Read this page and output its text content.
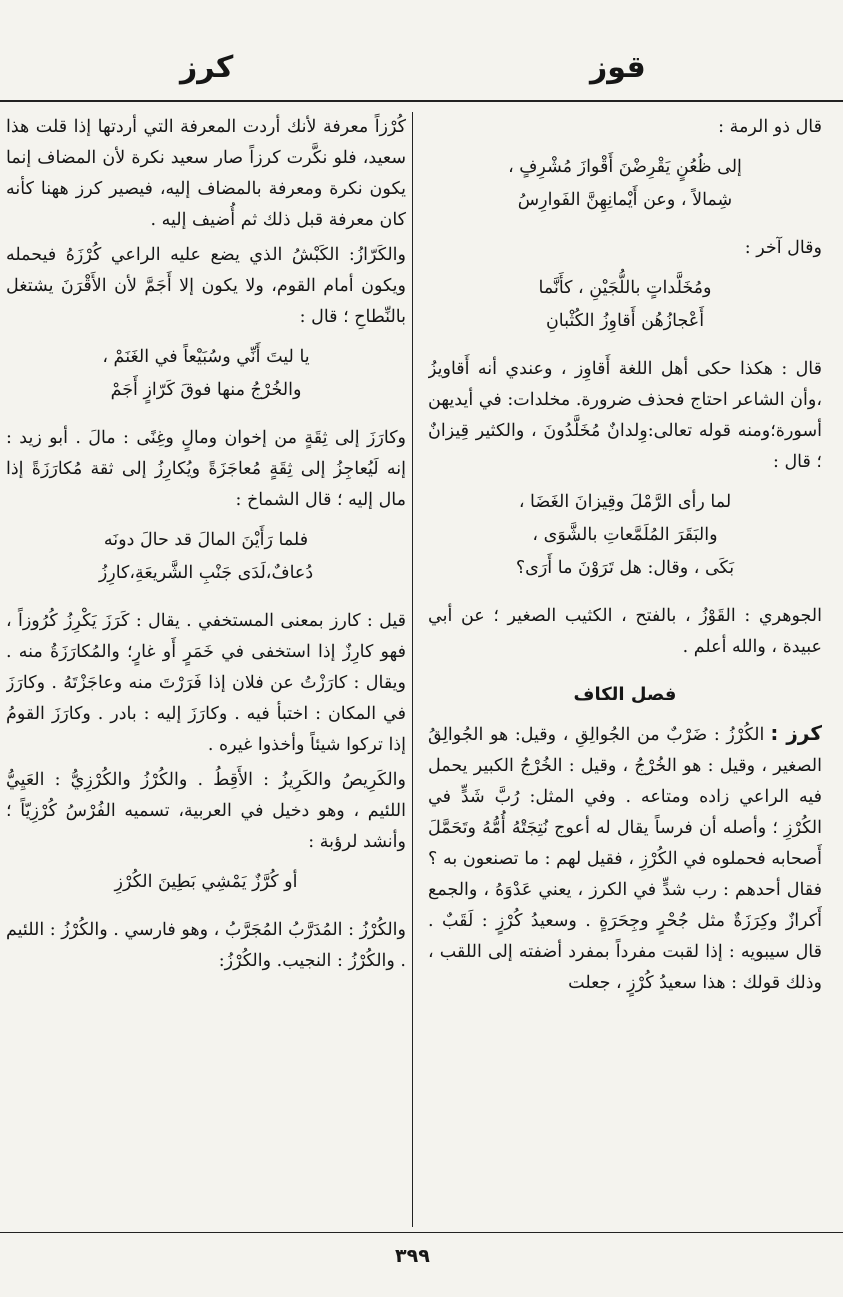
قوز
كرز
قال ذو الرمة :
إلى ظُعُنٍ يَقْرِضْنَ أَقْوازَ مُشْرِفٍ ،
شِمالاً ، وعن أَيْمانِهِنَّ الفَوارِسُ
وقال آخر :
ومُخَلَّداتٍ باللُّجَيْنِ ، كأَنَّما
أَعْجازُهُن أَقاوِزُ الكُثْبانِ
قال : هكذا حكى أهل اللغة أَقاوِز ، وعندي أنه أَقاويزُ ،وأن الشاعر احتاج فحذف ضرورة. مخلدات: في أيديهن أسورة؛ومنه قوله تعالى:وِلدانٌ مُخَلَّدُونَ ، والكثير قِيزانٌ ؛ قال :
لما رأى الرَّمْلَ وقِيزانَ الغَضَا ،
والبَقَرَ المُلَمَّعاتِ بالشَّوَى ،
بَكَى ، وقال: هل تَرَوْنَ ما أَرَى؟
الجوهري : القَوْزُ ، بالفتح ، الكثيب الصغير ؛ عن أبي عبيدة ، والله أعلم .
فصل الكاف
كرز :الكُرْزُ : ضَرْبٌ من الجُوالِقِ ، وقيل: هو الجُوالِقُ الصغير ، وقيل : هو الخُرْجُ ، وقيل : الخُرْجُ الكبير يحمل فيه الراعي زاده ومتاعه . وفي المثل: رُبَّ شَدٍّ في الكُرْزِ ؛ وأصله أن فرساً يقال له أعوج نُتِجَتْهُ أُمُّهُ وتَحَمَّلَ أَصحابه فحملوه في الكُرْزِ ، فقيل لهم : ما تصنعون به ؟ فقال أحدهم : رب شدٍّ في الكرز ، يعني عَدْوَهُ ، والجمع أَكرازٌ وكِرَزَةٌ مثل جُحْرٍ وجِحَرَةٍ . وسعيدُ كُرْزٍ : لَقَبٌ . قال سيبويه : إذا لقبت مفرداً بمفرد أضفته إلى اللقب ، وذلك قولك : هذا سعيدُ كُرْزٍ ، جعلت
كُرْزاً معرفة لأنك أردت المعرفة التي أردتها إذا قلت هذا سعيد، فلو نكَّرت كرزاً صار سعيد نكرة لأن المضاف إنما يكون نكرة ومعرفة بالمضاف إليه، فيصير كرز ههنا كأنه كان معرفة قبل ذلك ثم أُضيف إليه .
والكَرّازُ: الكَبْشُ الذي يضع عليه الراعي كُرْزَهُ فيحمله ويكون أمام القوم، ولا يكون إلا أَجَمَّ لأن الأَقْرَنَ يشتغل بالنِّطاحِ ؛ قال :
يا ليتَ أَنِّي وسُبَيْعاً في الغَنَمْ ،
والخُرْجُ منها فوقَ كَرّازٍ أَجَمْ
وكارَزَ إلى ثِقَةٍ من إخوان ومالٍ وغِنًى : مالَ . أبو زيد : إنه لَيُعاجِزُ إلى ثِقَةٍ مُعاجَزَةً ويُكارِزُ إلى ثقة مُكارَزَةً إذا مال إليه ؛ قال الشماخ :
فلما رَأَيْنَ المالَ قد حالَ دونَه
دُعافٌ،لَدَى جَنْبِ الشَّريعَةِ،كارِزُ
قيل : كارز بمعنى المستخفي . يقال : كَرَزَ يَكْرِزُ كُرُوزاً ، فهو كارِزٌ إذا استخفى في خَمَرٍ أَو غارٍ؛ والمُكارَزَةُ منه . ويقال : كارَزْتُ عن فلان إذا فَرَرْتَ منه وعاجَزْتَهُ . وكارَزَ في المكان : اختبأ فيه . وكارَزَ إليه : بادر . وكارَزَ القومُ إذا تركوا شيئاً وأخذوا غيره .
والكَرِيصُ والكَرِيزُ : الأَقِطُ . والكُرْزُ والكُرْزِيُّ : العَيِيُّ اللئيم ، وهو دخيل في العربية، تسميه الفُرْسُ كُرْزِيّاً ؛ وأنشد لرؤبة :
أو كُرَّزٌ يَمْشِي بَطِينَ الكُرْزِ
والكُرْزُ : المُدَرَّبُ المُجَرَّبُ ، وهو فارسي . والكُرْزُ : اللئيم . والكُرْزُ : النجيب. والكُرْزُ:
٣٩٩
